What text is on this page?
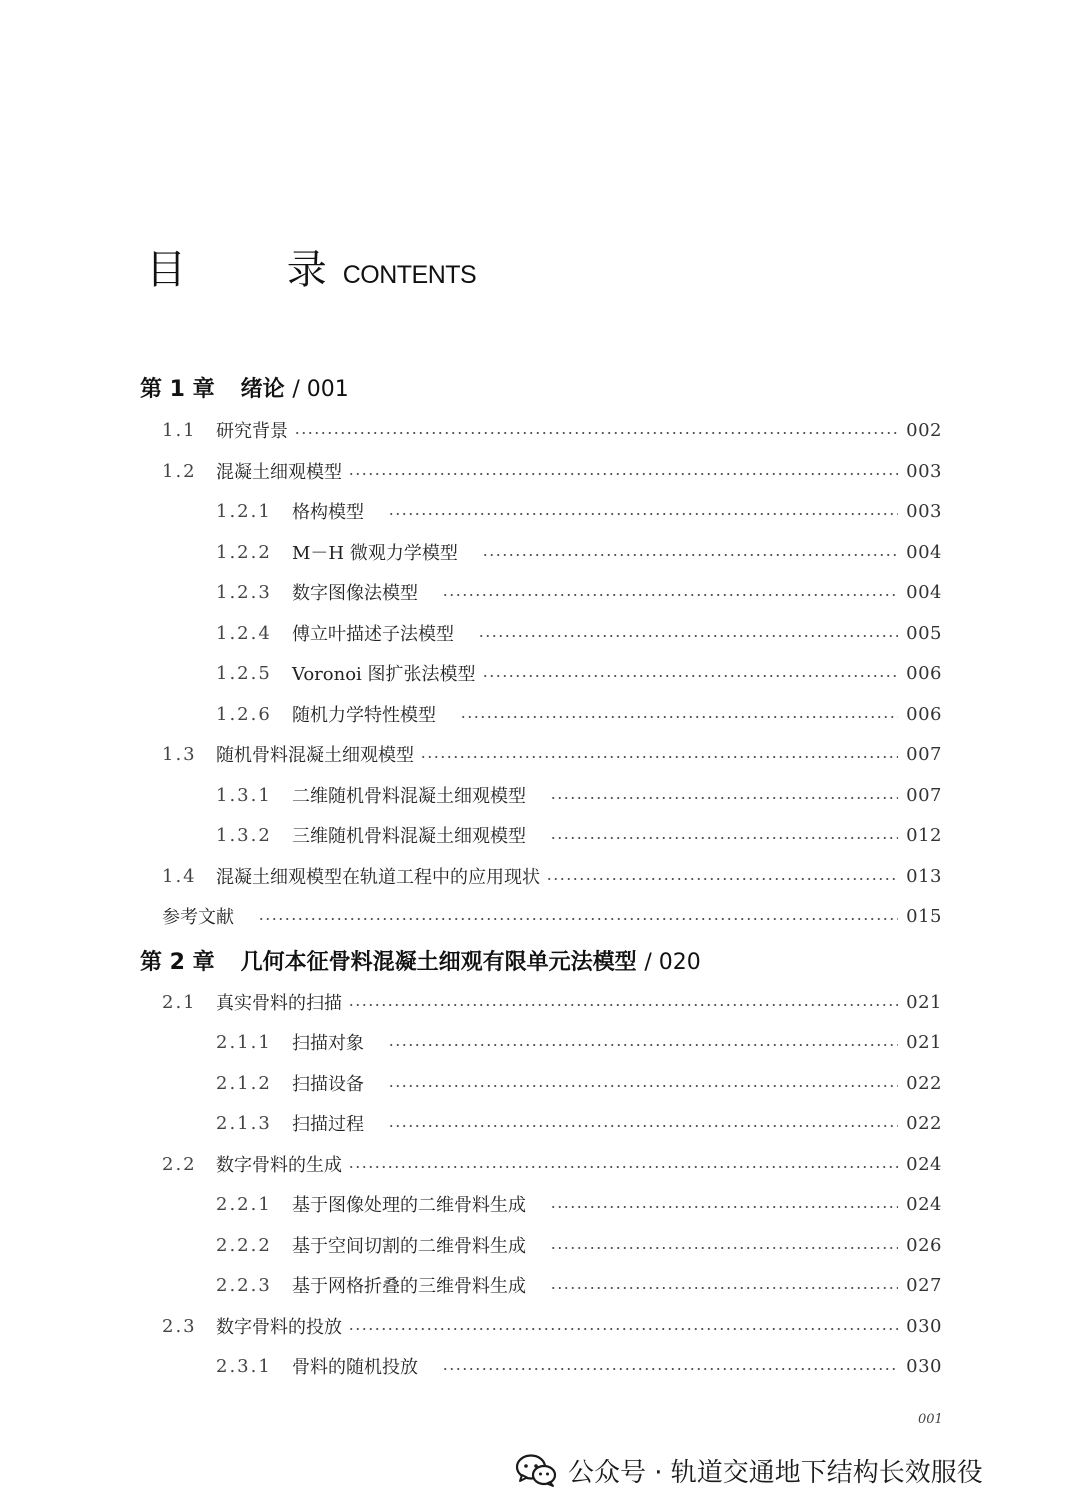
目 录
CONTENTS
第 1 章 绪论 / 001
1.1	研究背景	002
1.2	混凝土细观模型	003
1.2.1	格构模型	003
1.2.2	M－H 微观力学模型	004
1.2.3	数字图像法模型	004
1.2.4	傅立叶描述子法模型	005
1.2.5	Voronoi 图扩张法模型	006
1.2.6	随机力学特性模型	006
1.3	随机骨料混凝土细观模型	007
1.3.1	二维随机骨料混凝土细观模型	007
1.3.2	三维随机骨料混凝土细观模型	012
1.4	混凝土细观模型在轨道工程中的应用现状	013
参考文献	015
第 2 章 几何本征骨料混凝土细观有限单元法模型 / 020
2.1	真实骨料的扫描	021
2.1.1	扫描对象	021
2.1.2	扫描设备	022
2.1.3	扫描过程	022
2.2	数字骨料的生成	024
2.2.1	基于图像处理的二维骨料生成	024
2.2.2	基于空间切割的二维骨料生成	026
2.2.3	基于网格折叠的三维骨料生成	027
2.3	数字骨料的投放	030
2.3.1	骨料的随机投放	030
001
公众号 · 轨道交通地下结构长效服役
